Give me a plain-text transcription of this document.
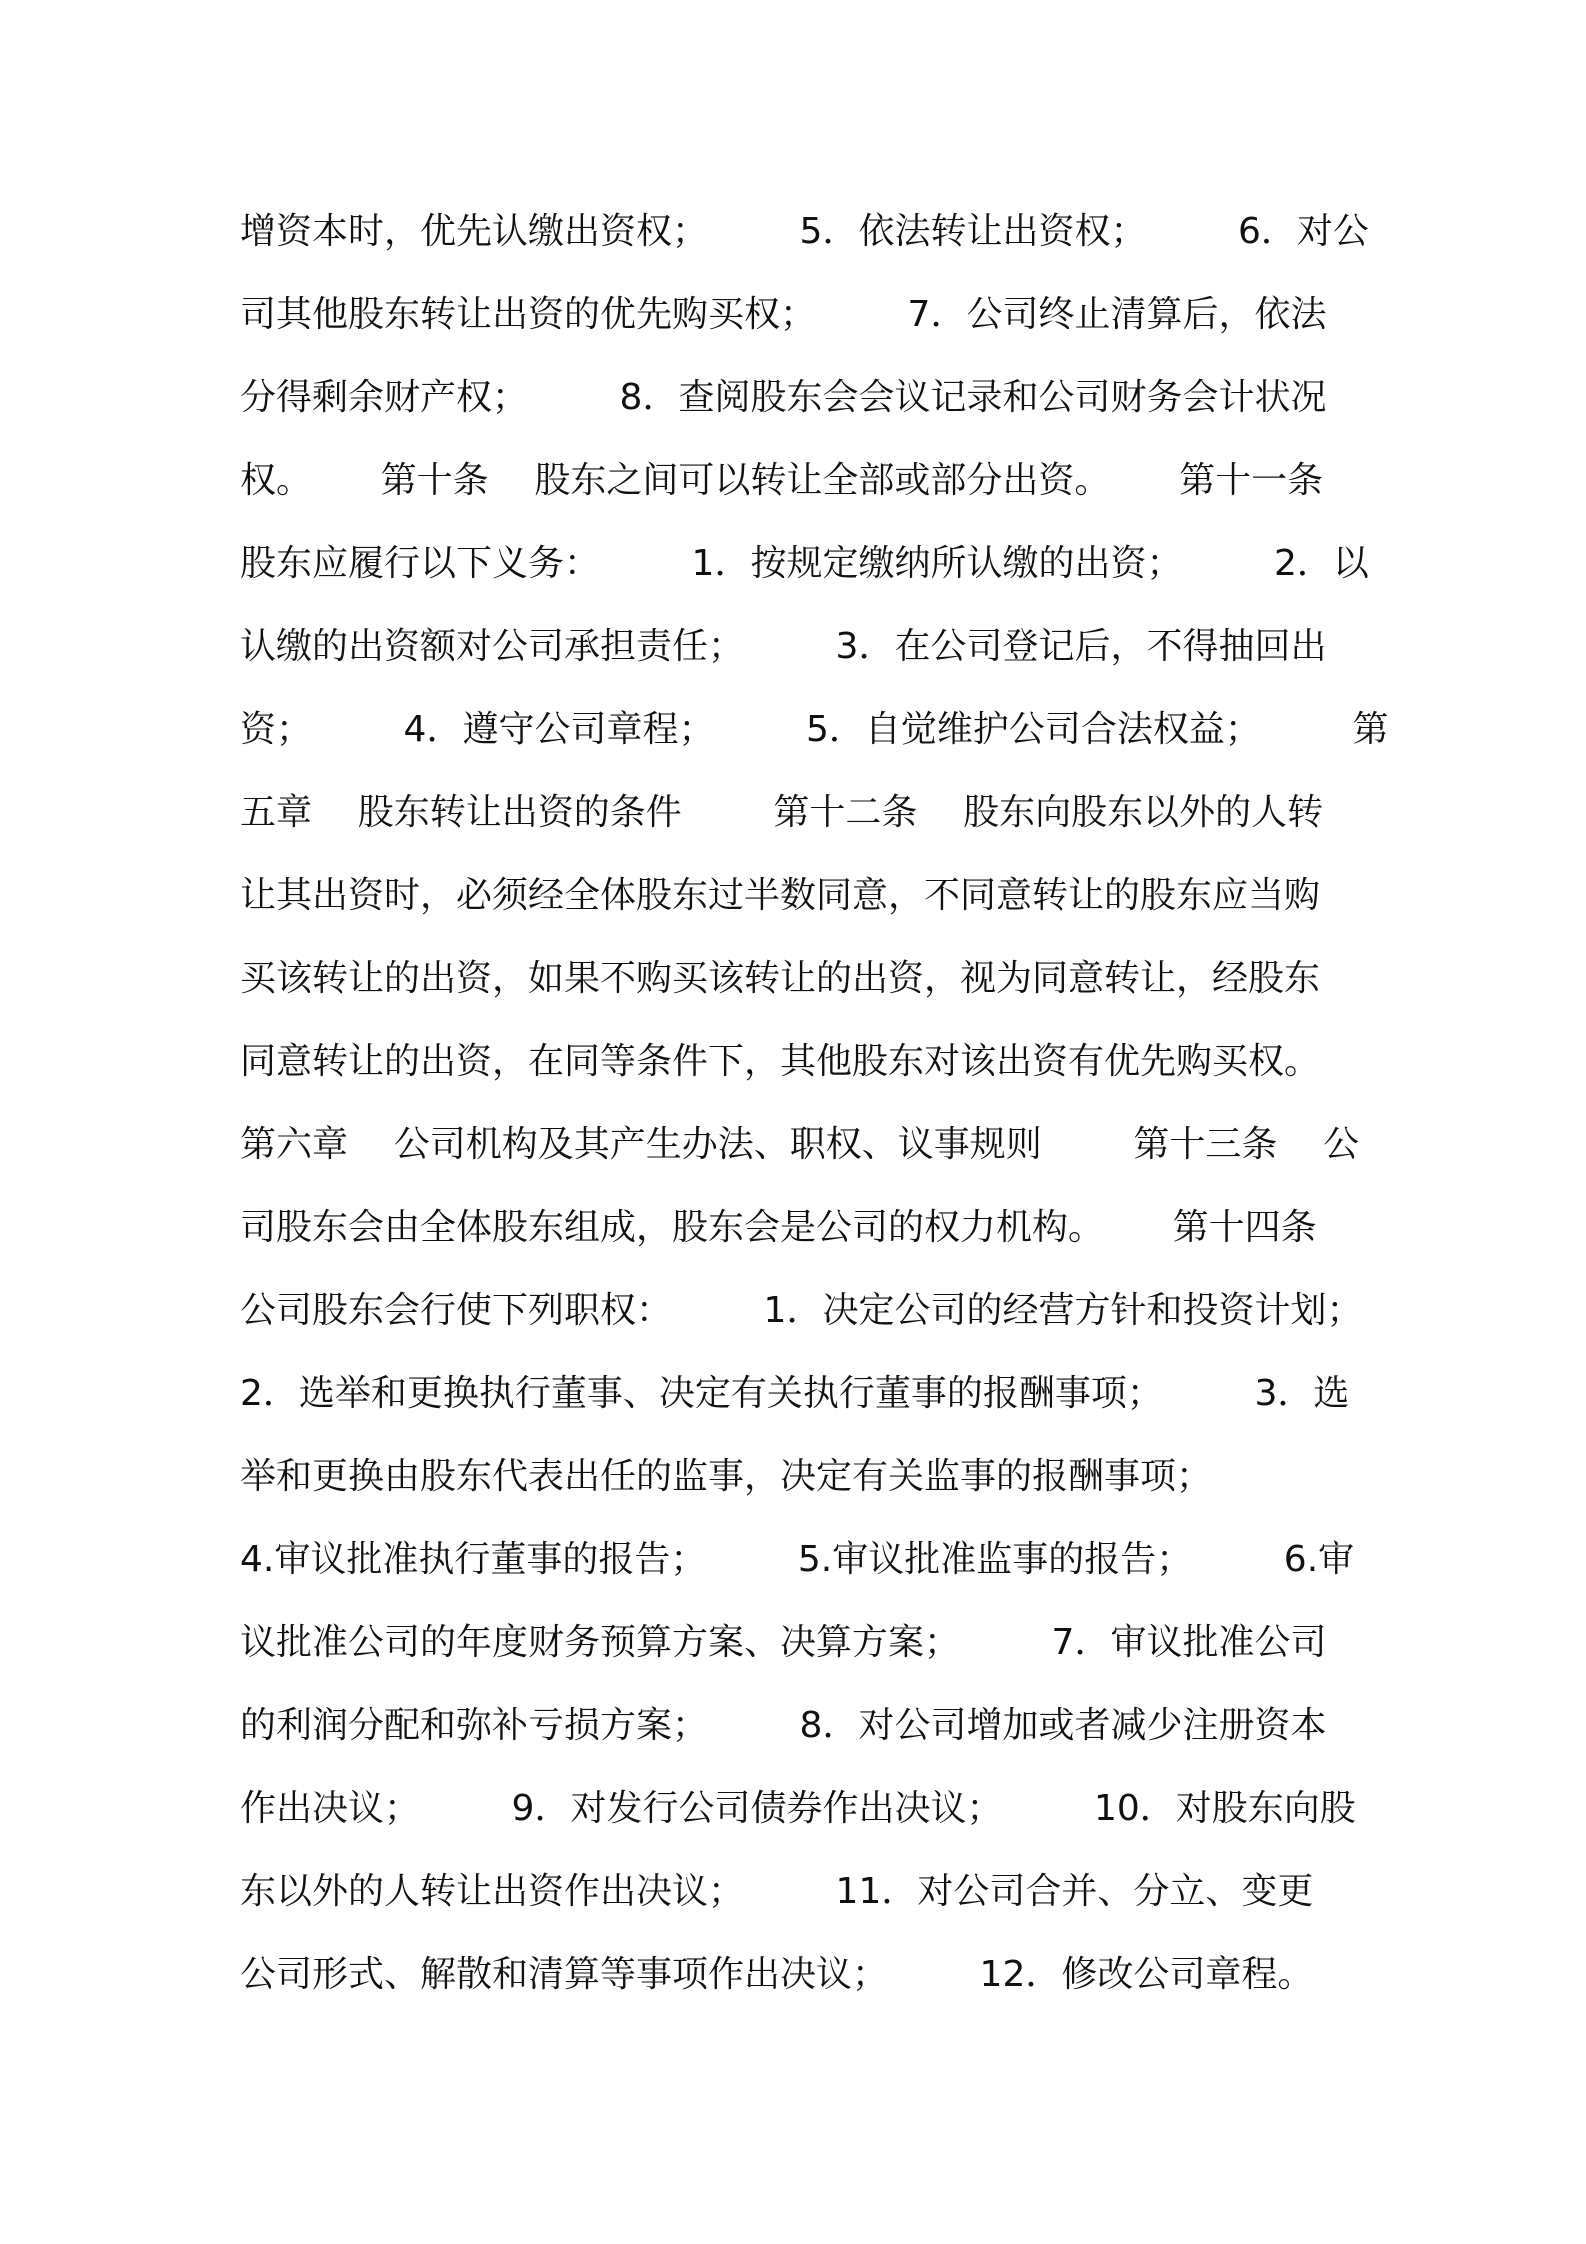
增资本时，优先认缴出资权；        5．依法转让出资权；        6．对公
司其他股东转让出资的优先购买权；        7．公司终止清算后，依法
分得剩余财产权；        8．查阅股东会会议记录和公司财务会计状况
权。      第十条    股东之间可以转让全部或部分出资。      第十一条
股东应履行以下义务：        1．按规定缴纳所认缴的出资；        2．以
认缴的出资额对公司承担责任；        3．在公司登记后，不得抽回出
资；        4．遵守公司章程；        5．自觉维护公司合法权益；        第
五章    股东转让出资的条件        第十二条    股东向股东以外的人转
让其出资时，必须经全体股东过半数同意，不同意转让的股东应当购
买该转让的出资，如果不购买该转让的出资，视为同意转让，经股东
同意转让的出资，在同等条件下，其他股东对该出资有优先购买权。
第六章    公司机构及其产生办法、职权、议事规则        第十三条    公
司股东会由全体股东组成，股东会是公司的权力机构。      第十四条
公司股东会行使下列职权：        1．决定公司的经营方针和投资计划；
2．选举和更换执行董事、决定有关执行董事的报酬事项；        3．选
举和更换由股东代表出任的监事，决定有关监事的报酬事项；
4.审议批准执行董事的报告；        5.审议批准监事的报告；        6.审
议批准公司的年度财务预算方案、决算方案；        7．审议批准公司
的利润分配和弥补亏损方案；        8．对公司增加或者减少注册资本
作出决议；        9．对发行公司债券作出决议；        10．对股东向股
东以外的人转让出资作出决议；        11．对公司合并、分立、变更
公司形式、解散和清算等事项作出决议；        12．修改公司章程。
